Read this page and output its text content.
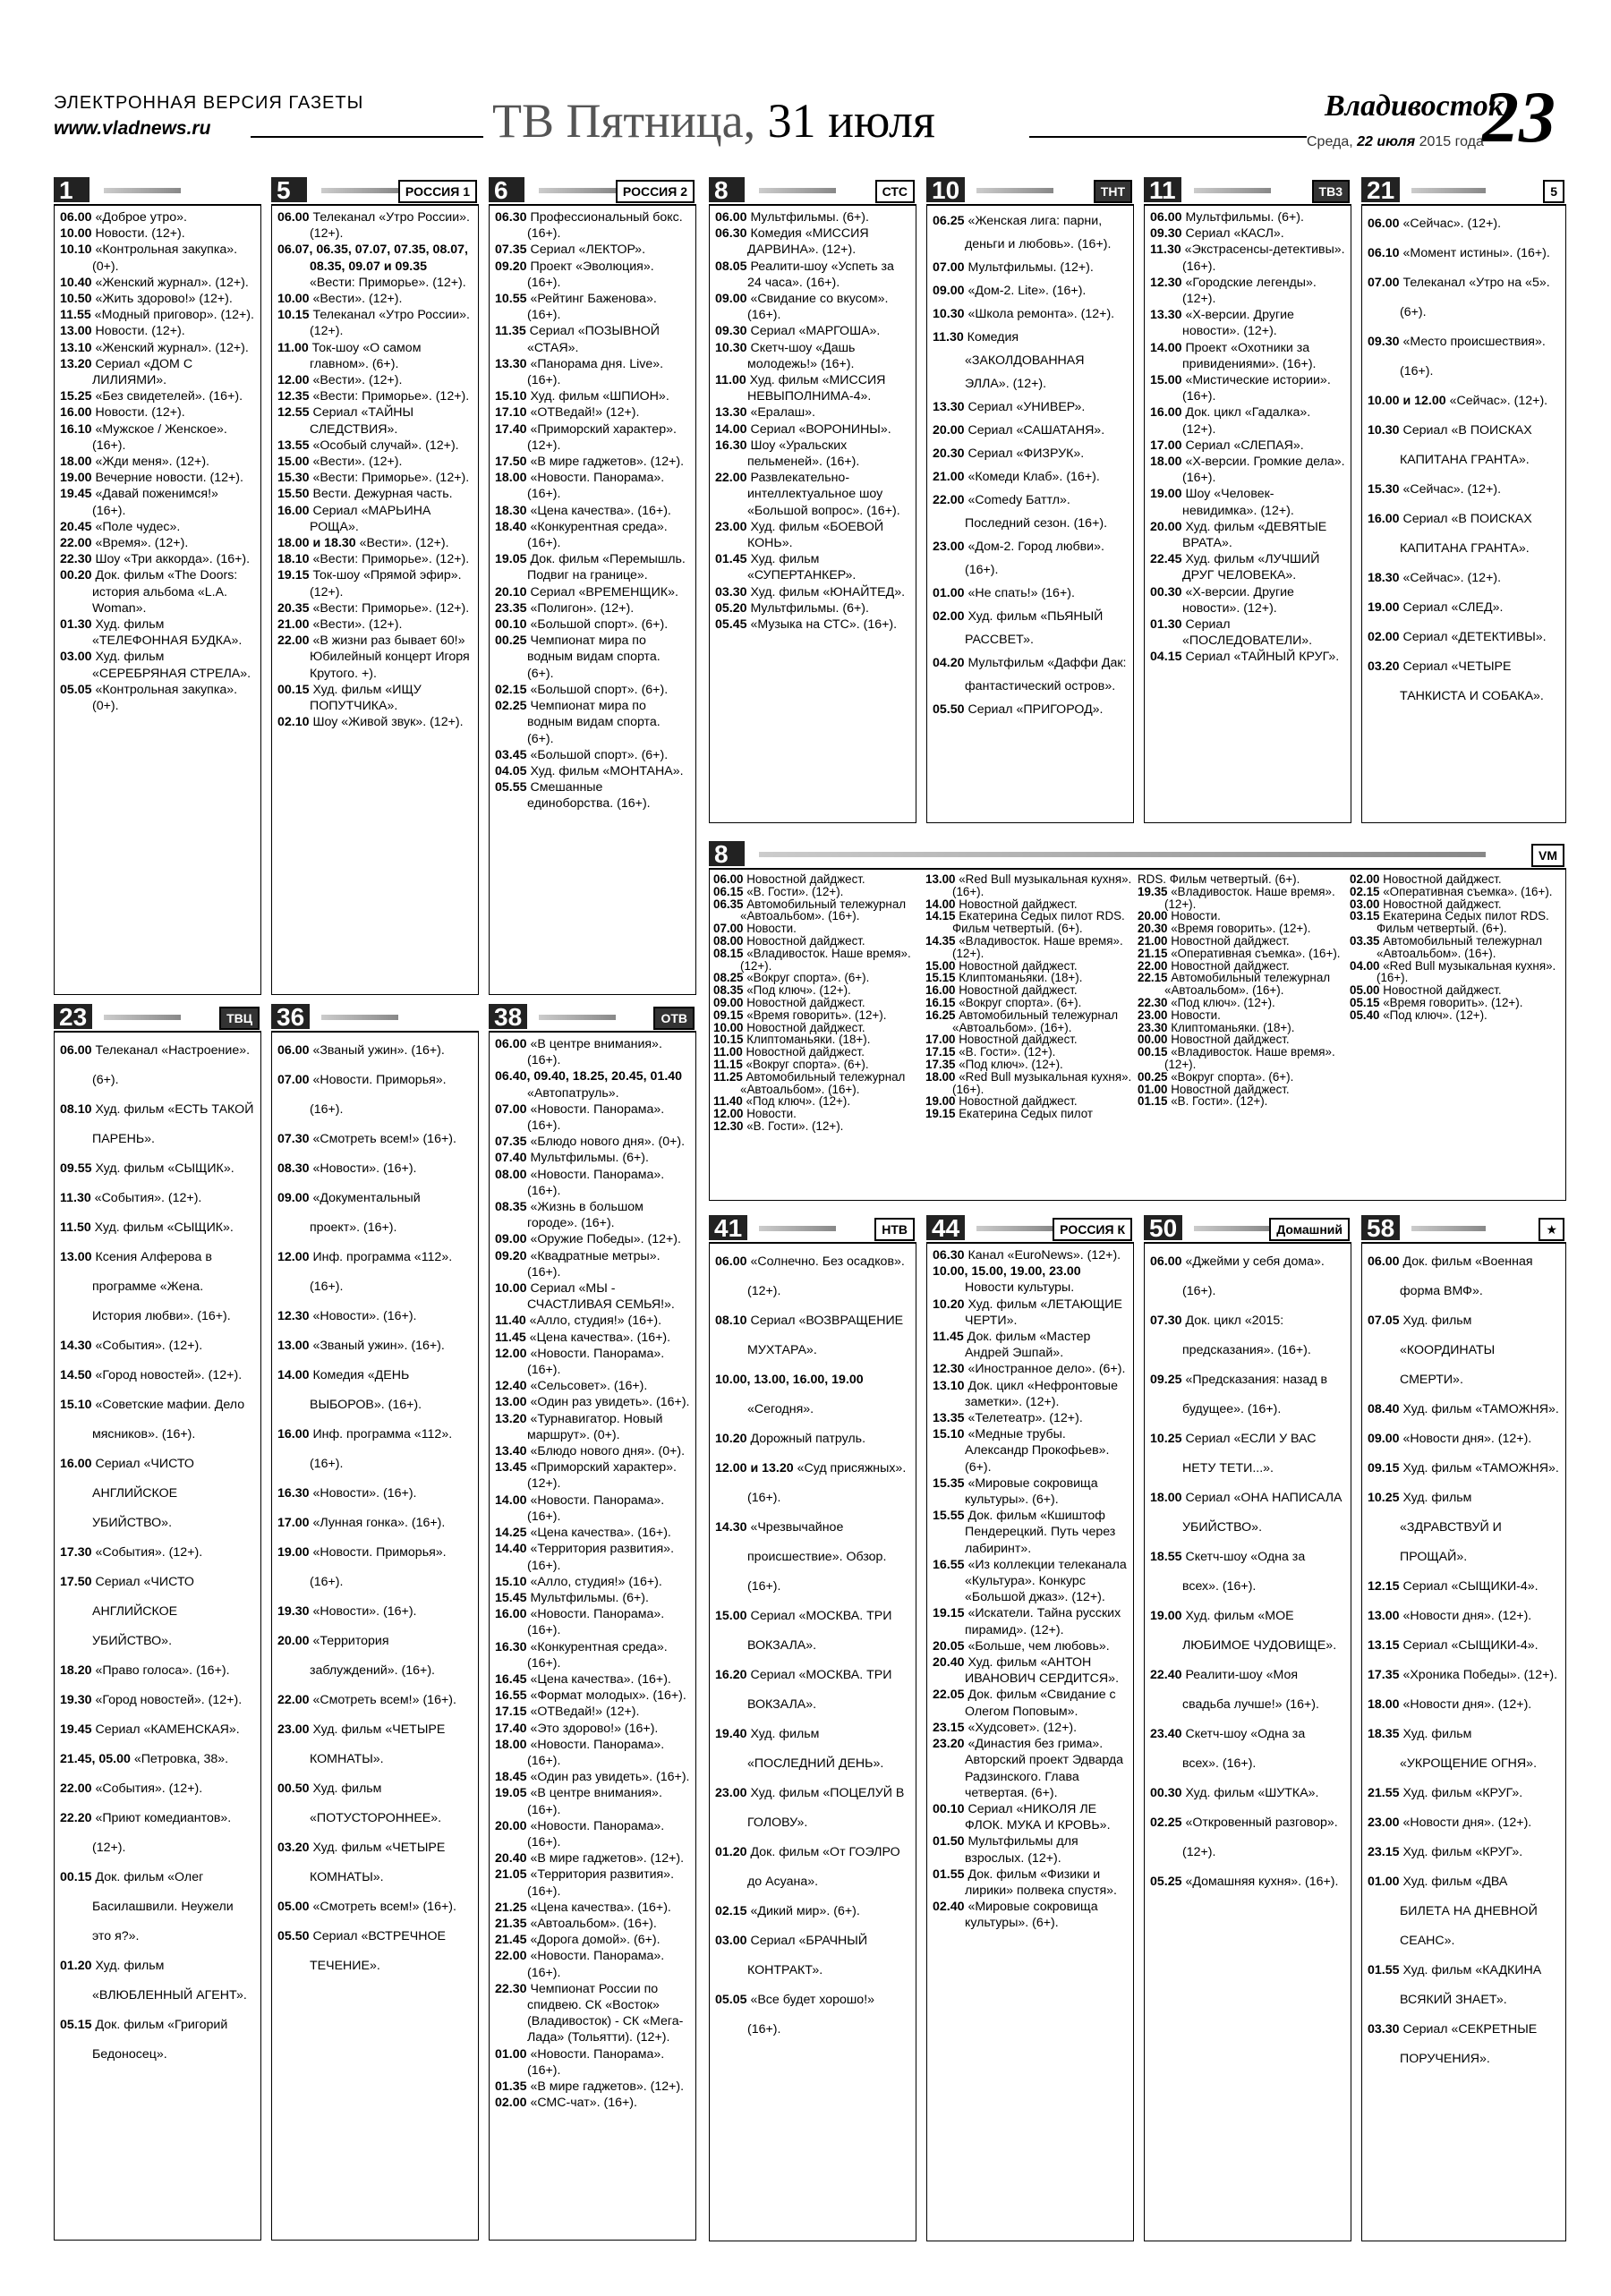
ЭЛЕКТРОННАЯ ВЕРСИЯ ГАЗЕТЫ
www.vladnews.ru	ТВ Пятница, 31 июля	Владивосток
23
Среда, 22 июля 2015 года
1

06.00 «Доброе утро».

10.00 Новости. (12+).

10.10 «Контрольная закупка». (0+).

10.40 «Женский журнал». (12+).

10.50 «Жить здорово!» (12+).

11.55 «Модный приговор». (12+).

13.00 Новости. (12+).

13.10 «Женский журнал». (12+).

13.20 Сериал «ДОМ С ЛИЛИЯМИ».

15.25 «Без свидетелей». (16+).

16.00 Новости. (12+).

16.10 «Мужское / Женское». (16+).

18.00 «Жди меня». (12+).

19.00 Вечерние новости. (12+).

19.45 «Давай поженимся!» (16+).

20.45 «Поле чудес».

22.00 «Время». (12+).

22.30 Шоу «Три аккорда». (16+).

00.20 Док. фильм «The Doors: история альбома «L.A. Woman».

01.30 Худ. фильм «ТЕЛЕФОННАЯ БУДКА».

03.00 Худ. фильм «СЕРЕБРЯНАЯ СТРЕЛА».

05.05 «Контрольная закупка». (0+).

5	РОССИЯ 1

06.00 Телеканал «Утро России». (12+).

06.07, 06.35, 07.07, 07.35, 08.07, 08.35, 09.07 и 09.35 «Вести: Приморье». (12+).

10.00 «Вести». (12+).

10.15 Телеканал «Утро России». (12+).

11.00 Ток-шоу «О самом главном». (6+).

12.00 «Вести». (12+).

12.35 «Вести: Приморье». (12+).

12.55 Сериал «ТАЙНЫ СЛЕДСТВИЯ».

13.55 «Особый случай». (12+).

15.00 «Вести». (12+).

15.30 «Вести: Приморье». (12+).

15.50 Вести. Дежурная часть.

16.00 Сериал «МАРЬИНА РОЩА».

18.00 и 18.30 «Вести». (12+).

18.10 «Вести: Приморье». (12+).

19.15 Ток-шоу «Прямой эфир». (12+).

20.35 «Вести: Приморье». (12+).

21.00 «Вести». (12+).

22.00 «В жизни раз бывает 60!» Юбилейный концерт Игоря Крутого. +).

00.15 Худ. фильм «ИЩУ ПОПУТЧИКА».

02.10 Шоу «Живой звук». (12+).

6	РОССИЯ 2

06.30 Профессиональный бокс. (16+).

07.35 Сериал «ЛЕКТОР».

09.20 Проект «Эволюция». (16+).

10.55 «Рейтинг Баженова». (16+).

11.35 Сериал «ПОЗЫВНОЙ «СТАЯ».

13.30 «Панорама дня. Live». (16+).

15.10 Худ. фильм «ШПИОН».

17.10 «ОТВедай!» (12+).

17.40 «Приморский характер». (12+).

17.50 «В мире гаджетов». (12+).

18.00 «Новости. Панорама». (16+).

18.30 «Цена качества». (16+).

18.40 «Конкурентная среда». (16+).

19.05 Док. фильм «Перемышль. Подвиг на границе».

20.10 Сериал «ВРЕМЕНЩИК».

23.35 «Полигон». (12+).

00.10 «Большой спорт». (6+).

00.25 Чемпионат мира по водным видам спорта. (6+).

02.15 «Большой спорт». (6+).

02.25 Чемпионат мира по водным видам спорта. (6+).

03.45 «Большой спорт». (6+).

04.05 Худ. фильм «МОНТАНА».

05.55 Смешанные единоборства. (16+).

8	СТС

06.00 Мультфильмы. (6+).

06.30 Комедия «МИССИЯ ДАРВИНА». (12+).

08.05 Реалити-шоу «Успеть за 24 часа». (16+).

09.00 «Свидание со вкусом». (16+).

09.30 Сериал «МАРГОША».

10.30 Скетч-шоу «Дашь молодежь!» (16+).

11.00 Худ. фильм «МИССИЯ НЕВЫПОЛНИМА-4».

13.30 «Ералаш».

14.00 Сериал «ВОРОНИНЫ».

16.30 Шоу «Уральских пельменей». (16+).

22.00 Развлекательно-интеллектуальное шоу «Большой вопрос». (16+).

23.00 Худ. фильм «БОЕВОЙ КОНЬ».

01.45 Худ. фильм «СУПЕРТАНКЕР».

03.30 Худ. фильм «ЮНАЙТЕД».

05.20 Мультфильмы. (6+).

05.45 «Музыка на СТС». (16+).

10	ТНТ

06.25 «Женская лига: парни, деньги и любовь». (16+).

07.00 Мультфильмы. (12+).

09.00 «Дом-2. Lite». (16+).

10.30 «Школа ремонта». (12+).

11.30 Комедия «ЗАКОЛДОВАННАЯ ЭЛЛА». (12+).

13.30 Сериал «УНИВЕР».

20.00 Сериал «САШАТАНЯ».

20.30 Сериал «ФИЗРУК».

21.00 «Комеди Клаб». (16+).

22.00 «Comedy Баттл». Последний сезон. (16+).

23.00 «Дом-2. Город любви». (16+).

01.00 «Не спать!» (16+).

02.00 Худ. фильм «ПЬЯНЫЙ РАССВЕТ».

04.20 Мультфильм «Даффи Дак: фантастический остров».

05.50 Сериал «ПРИГОРОД».

11	ТВ3

06.00 Мультфильмы. (6+).

09.30 Сериал «КАСЛ».

11.30 «Экстрасенсы-детективы». (16+).

12.30 «Городские легенды». (12+).

13.30 «Х-версии. Другие новости». (12+).

14.00 Проект «Охотники за привидениями». (16+).

15.00 «Мистические истории». (16+).

16.00 Док. цикл «Гадалка». (12+).

17.00 Сериал «СЛЕПАЯ».

18.00 «Х-версии. Громкие дела». (16+).

19.00 Шоу «Человек-невидимка». (12+).

20.00 Худ. фильм «ДЕВЯТЫЕ ВРАТА».

22.45 Худ. фильм «ЛУЧШИЙ ДРУГ ЧЕЛОВЕКА».

00.30 «Х-версии. Другие новости». (12+).

01.30 Сериал «ПОСЛЕДОВАТЕЛИ».

04.15 Сериал «ТАЙНЫЙ КРУГ».

21	5

06.00 «Сейчас». (12+).

06.10 «Момент истины». (16+).

07.00 Телеканал «Утро на «5». (6+).

09.30 «Место происшествия». (16+).

10.00 и 12.00 «Сейчас». (12+).

10.30 Сериал «В ПОИСКАХ КАПИТАНА ГРАНТА».

15.30 «Сейчас». (12+).

16.00 Сериал «В ПОИСКАХ КАПИТАНА ГРАНТА».

18.30 «Сейчас». (12+).

19.00 Сериал «СЛЕД».

02.00 Сериал «ДЕТЕКТИВЫ».

03.20 Сериал «ЧЕТЫРЕ ТАНКИСТА И СОБАКА».

23	ТВЦ

06.00 Телеканал «Настроение». (6+).

08.10 Худ. фильм «ЕСТЬ ТАКОЙ ПАРЕНЬ».

09.55 Худ. фильм «СЫЩИК».

11.30 «События». (12+).

11.50 Худ. фильм «СЫЩИК».

13.00 Ксения Алферова в программе «Жена. История любви». (16+).

14.30 «События». (12+).

14.50 «Город новостей». (12+).

15.10 «Советские мафии. Дело мясников». (16+).

16.00 Сериал «ЧИСТО АНГЛИЙСКОЕ УБИЙСТВО».

17.30 «События». (12+).

17.50 Сериал «ЧИСТО АНГЛИЙСКОЕ УБИЙСТВО».

18.20 «Право голоса». (16+).

19.30 «Город новостей». (12+).

19.45 Сериал «КАМЕНСКАЯ».

21.45, 05.00 «Петровка, 38».

22.00 «События». (12+).

22.20 «Приют комедиантов». (12+).

00.15 Док. фильм «Олег Басилашвили. Неужели это я?».

01.20 Худ. фильм «ВЛЮБЛЕННЫЙ АГЕНТ».

05.15 Док. фильм «Григорий Бедоносец».

36

06.00 «Званый ужин». (16+).

07.00 «Новости. Приморья». (16+).

07.30 «Смотреть всем!» (16+).

08.30 «Новости». (16+).

09.00 «Документальный проект». (16+).

12.00 Инф. программа «112». (16+).

12.30 «Новости». (16+).

13.00 «Званый ужин». (16+).

14.00 Комедия «ДЕНЬ ВЫБОРОВ». (16+).

16.00 Инф. программа «112». (16+).

16.30 «Новости». (16+).

17.00 «Лунная гонка». (16+).

19.00 «Новости. Приморья». (16+).

19.30 «Новости». (16+).

20.00 «Территория заблуждений». (16+).

22.00 «Смотреть всем!» (16+).

23.00 Худ. фильм «ЧЕТЫРЕ КОМНАТЫ».

00.50 Худ. фильм «ПОТУСТОРОННЕЕ».

03.20 Худ. фильм «ЧЕТЫРЕ КОМНАТЫ».

05.00 «Смотреть всем!» (16+).

05.50 Сериал «ВСТРЕЧНОЕ ТЕЧЕНИЕ».

38	ОТВ

06.00 «В центре внимания». (16+).

06.40, 09.40, 18.25, 20.45, 01.40 «Автопатруль».

07.00 «Новости. Панорама». (16+).

07.35 «Блюдо нового дня». (0+).

07.40 Мультфильмы. (6+).

08.00 «Новости. Панорама». (16+).

08.35 «Жизнь в большом городе». (16+).

09.00 «Оружие Победы». (12+).

09.20 «Квадратные метры». (16+).

10.00 Сериал «МЫ - СЧАСТЛИВАЯ СЕМЬЯ!».

11.40 «Алло, студия!» (16+).

11.45 «Цена качества». (16+).

12.00 «Новости. Панорама». (16+).

12.40 «Сельсовет». (16+).

13.00 «Один раз увидеть». (16+).

13.20 «Турнавигатор. Новый маршрут». (0+).

13.40 «Блюдо нового дня». (0+).

13.45 «Приморский характер». (12+).

14.00 «Новости. Панорама». (16+).

14.25 «Цена качества». (16+).

14.40 «Территория развития». (16+).

15.10 «Алло, студия!» (16+).

15.45 Мультфильмы. (6+).

16.00 «Новости. Панорама». (16+).

16.30 «Конкурентная среда». (16+).

16.45 «Цена качества». (16+).

16.55 «Формат молодых». (16+).

17.15 «ОТВедай!» (12+).

17.40 «Это здорово!» (16+).

18.00 «Новости. Панорама». (16+).

18.45 «Один раз увидеть». (16+).

19.05 «В центре внимания». (16+).

20.00 «Новости. Панорама». (16+).

20.40 «В мире гаджетов». (12+).

21.05 «Территория развития». (16+).

21.25 «Цена качества». (16+).

21.35 «Автоальбом». (16+).

21.45 «Дорога домой». (6+).

22.00 «Новости. Панорама». (16+).

22.30 Чемпионат России по спидвею. СК «Восток» (Владивосток) - СК «Мега-Лада» (Тольятти). (12+).

01.00 «Новости. Панорама». (16+).

01.35 «В мире гаджетов». (12+).

02.00 «СМС-чат». (16+).

41	НТВ

06.00 «Солнечно. Без осадков». (12+).

08.10 Сериал «ВОЗВРАЩЕНИЕ МУХТАРА».

10.00, 13.00, 16.00, 19.00 «Сегодня».

10.20 Дорожный патруль.

12.00 и 13.20 «Суд присяжных». (16+).

14.30 «Чрезвычайное происшествие». Обзор. (16+).

15.00 Сериал «МОСКВА. ТРИ ВОКЗАЛА».

16.20 Сериал «МОСКВА. ТРИ ВОКЗАЛА».

19.40 Худ. фильм «ПОСЛЕДНИЙ ДЕНЬ».

23.00 Худ. фильм «ПОЦЕЛУЙ В ГОЛОВУ».

01.20 Док. фильм «От ГОЭЛРО до Асуана».

02.15 «Дикий мир». (6+).

03.00 Сериал «БРАЧНЫЙ КОНТРАКТ».

05.05 «Все будет хорошо!» (16+).

44	РОССИЯ К

06.30 Канал «EuroNews». (12+).

10.00, 15.00, 19.00, 23.00 Новости культуры.

10.20 Худ. фильм «ЛЕТАЮЩИЕ ЧЕРТИ».

11.45 Док. фильм «Мастер Андрей Эшпай».

12.30 «Иностранное дело». (6+).

13.10 Док. цикл «Нефронтовые заметки». (12+).

13.35 «Телетеатр». (12+).

15.10 «Медные трубы. Александр Прокофьев». (6+).

15.35 «Мировые сокровища культуры». (6+).

15.55 Док. фильм «Кшиштоф Пендерецкий. Путь через лабиринт».

16.55 «Из коллекции телеканала «Культура». Конкурс «Большой джаз». (12+).

19.15 «Искатели. Тайна русских пирамид». (12+).

20.05 «Больше, чем любовь».

20.40 Худ. фильм «АНТОН ИВАНОВИЧ СЕРДИТСЯ».

22.05 Док. фильм «Свидание с Олегом Поповым».

23.15 «Худсовет». (12+).

23.20 «Династия без грима». Авторский проект Эдварда Радзинского. Глава четвертая. (6+).

00.10 Сериал «НИКОЛЯ ЛЕ ФЛОК. МУКА И КРОВЬ».

01.50 Мультфильмы для взрослых. (12+).

01.55 Док. фильм «Физики и лирики» полвека спустя».

02.40 «Мировые сокровища культуры». (6+).

50	Домашний

06.00 «Джейми у себя дома». (16+).

07.30 Док. цикл «2015: предсказания». (16+).

09.25 «Предсказания: назад в будущее». (16+).

10.25 Сериал «ЕСЛИ У ВАС НЕТУ ТЕТИ...».

18.00 Сериал «ОНА НАПИСАЛА УБИЙСТВО».

18.55 Скетч-шоу «Одна за всех». (16+).

19.00 Худ. фильм «МОЕ ЛЮБИМОЕ ЧУДОВИЩЕ».

22.40 Реалити-шоу «Моя свадьба лучше!» (16+).

23.40 Скетч-шоу «Одна за всех». (16+).

00.30 Худ. фильм «ШУТКА».

02.25 «Откровенный разговор». (12+).

05.25 «Домашняя кухня». (16+).

58	★

06.00 Док. фильм «Военная форма ВМФ».

07.05 Худ. фильм «КООРДИНАТЫ СМЕРТИ».

08.40 Худ. фильм «ТАМОЖНЯ».

09.00 «Новости дня». (12+).

09.15 Худ. фильм «ТАМОЖНЯ».

10.25 Худ. фильм «ЗДРАВСТВУЙ И ПРОЩАЙ».

12.15 Сериал «СЫЩИКИ-4».

13.00 «Новости дня». (12+).

13.15 Сериал «СЫЩИКИ-4».

17.35 «Хроника Победы». (12+).

18.00 «Новости дня». (12+).

18.35 Худ. фильм «УКРОЩЕНИЕ ОГНЯ».

21.55 Худ. фильм «КРУГ».

23.00 «Новости дня». (12+).

23.15 Худ. фильм «КРУГ».

01.00 Худ. фильм «ДВА БИЛЕТА НА ДНЕВНОЙ СЕАНС».

01.55 Худ. фильм «КАДКИНА ВСЯКИЙ ЗНАЕТ».

03.30 Сериал «СЕКРЕТНЫЕ ПОРУЧЕНИЯ».

8	VM

06.00 Новостной дайджест.

06.15 «В. Гости». (12+).

06.35 Автомобильный тележурнал «Автоальбом». (16+).

07.00 Новости.

08.00 Новостной дайджест.

08.15 «Владивосток. Наше время». (12+).

08.25 «Вокруг спорта». (6+).

08.35 «Под ключ». (12+).

09.00 Новостной дайджест.

09.15 «Время говорить». (12+).

10.00 Новостной дайджест.

10.15 Клиптоманьяки. (18+).

11.00 Новостной дайджест.

11.15 «Вокруг спорта». (6+).

11.25 Автомобильный тележурнал «Автоальбом». (16+).

11.40 «Под ключ». (12+).

12.00 Новости.

12.30 «В. Гости». (12+).

13.00 «Red Bull музыкальная кухня». (16+).

14.00 Новостной дайджест.

14.15 Екатерина Седых пилот RDS. Фильм четвертый. (6+).

14.35 «Владивосток. Наше время». (12+).

15.00 Новостной дайджест.

15.15 Клиптоманьяки. (18+).

16.00 Новостной дайджест.

16.15 «Вокруг спорта». (6+).

16.25 Автомобильный тележурнал «Автоальбом». (16+).

17.00 Новостной дайджест.

17.15 «В. Гости». (12+).

17.35 «Под ключ». (12+).

18.00 «Red Bull музыкальная кухня». (16+).

19.00 Новостной дайджест.

19.15 Екатерина Седых пилот

RDS. Фильм четвертый. (6+).

19.35 «Владивосток. Наше время». (12+).

20.00 Новости.

20.30 «Время говорить». (12+).

21.00 Новостной дайджест.

21.15 «Оперативная съемка». (16+).

22.00 Новостной дайджест.

22.15 Автомобильный тележурнал «Автоальбом». (16+).

22.30 «Под ключ». (12+).

23.00 Новости.

23.30 Клиптоманьяки. (18+).

00.00 Новостной дайджест.

00.15 «Владивосток. Наше время». (12+).

00.25 «Вокруг спорта». (6+).

01.00 Новостной дайджест.

01.15 «В. Гости». (12+).

02.00 Новостной дайджест.

02.15 «Оперативная съемка». (16+).

03.00 Новостной дайджест.

03.15 Екатерина Седых пилот RDS. Фильм четвертый. (6+).

03.35 Автомобильный тележурнал «Автоальбом». (16+).

04.00 «Red Bull музыкальная кухня». (16+).

05.00 Новостной дайджест.

05.15 «Время говорить». (12+).

05.40 «Под ключ». (12+).
